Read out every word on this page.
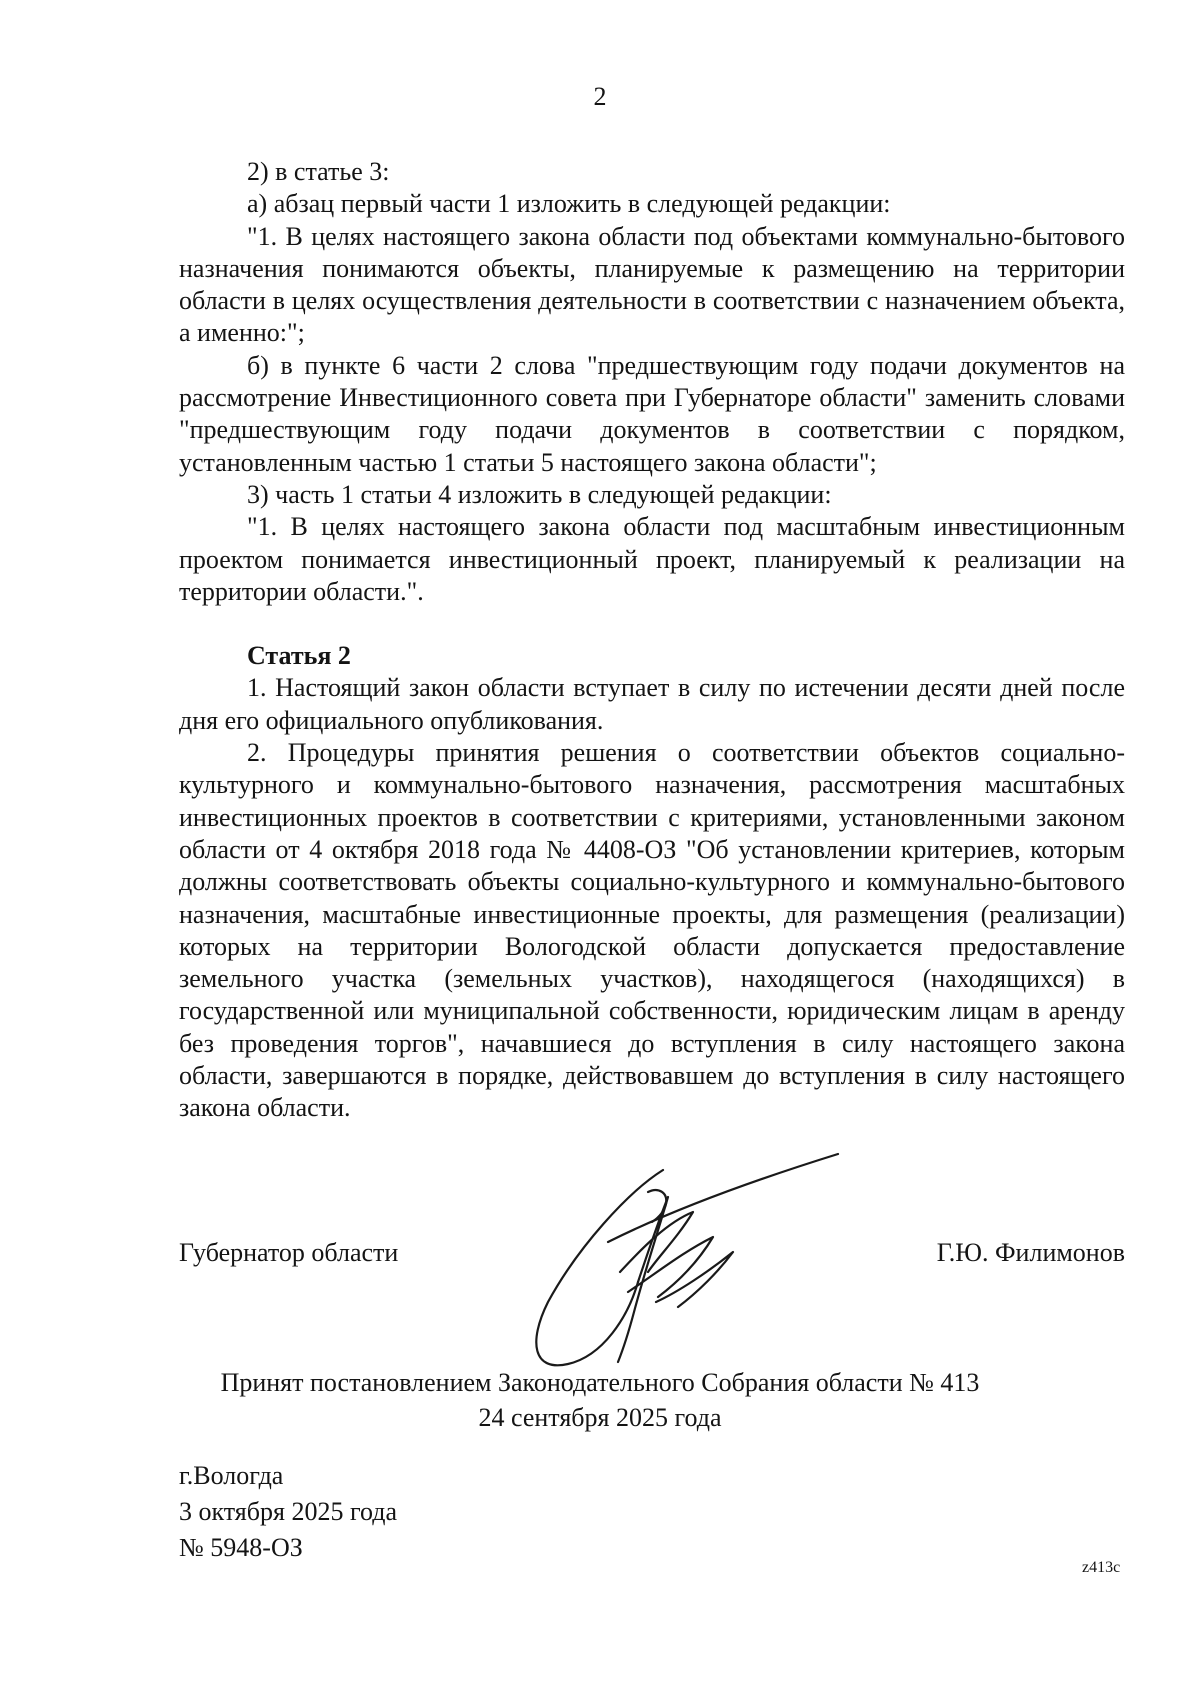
2

2) в статье 3:

а) абзац первый части 1 изложить в следующей редакции:

"1. В целях настоящего закона области под объектами коммунально-бытового назначения понимаются объекты, планируемые к размещению на территории области в целях осуществления деятельности в соответствии с назначением объекта, а именно:";

б) в пункте 6 части 2 слова "предшествующим году подачи документов на рассмотрение Инвестиционного совета при Губернаторе области" заменить словами "предшествующим году подачи документов в соответствии с порядком, установленным частью 1 статьи 5 настоящего закона области";

3) часть 1 статьи 4 изложить в следующей редакции:

"1. В целях настоящего закона области под масштабным инвестиционным проектом понимается инвестиционный проект, планируемый к реализации на территории области.".

Статья 2

1. Настоящий закон области вступает в силу по истечении десяти дней после дня его официального опубликования.

2. Процедуры принятия решения о соответствии объектов социально-культурного и коммунально-бытового назначения, рассмотрения масштабных инвестиционных проектов в соответствии с критериями, установленными законом области от 4 октября 2018 года № 4408-ОЗ "Об установлении критериев, которым должны соответствовать объекты социально-культурного и коммунально-бытового назначения, масштабные инвестиционные проекты, для размещения (реализации) которых на территории Вологодской области допускается предоставление земельного участка (земельных участков), находящегося (находящихся) в государственной или муниципальной собственности, юридическим лицам в аренду без проведения торгов", начавшиеся до вступления в силу настоящего закона области, завершаются в порядке, действовавшем до вступления в силу настоящего закона области.

Губернатор области	Г.Ю. Филимонов
Принят постановлением Законодательного Собрания области № 413
24 сентября 2025 года
г.Вологда
3 октября 2025 года
№ 5948-ОЗ
z413c
